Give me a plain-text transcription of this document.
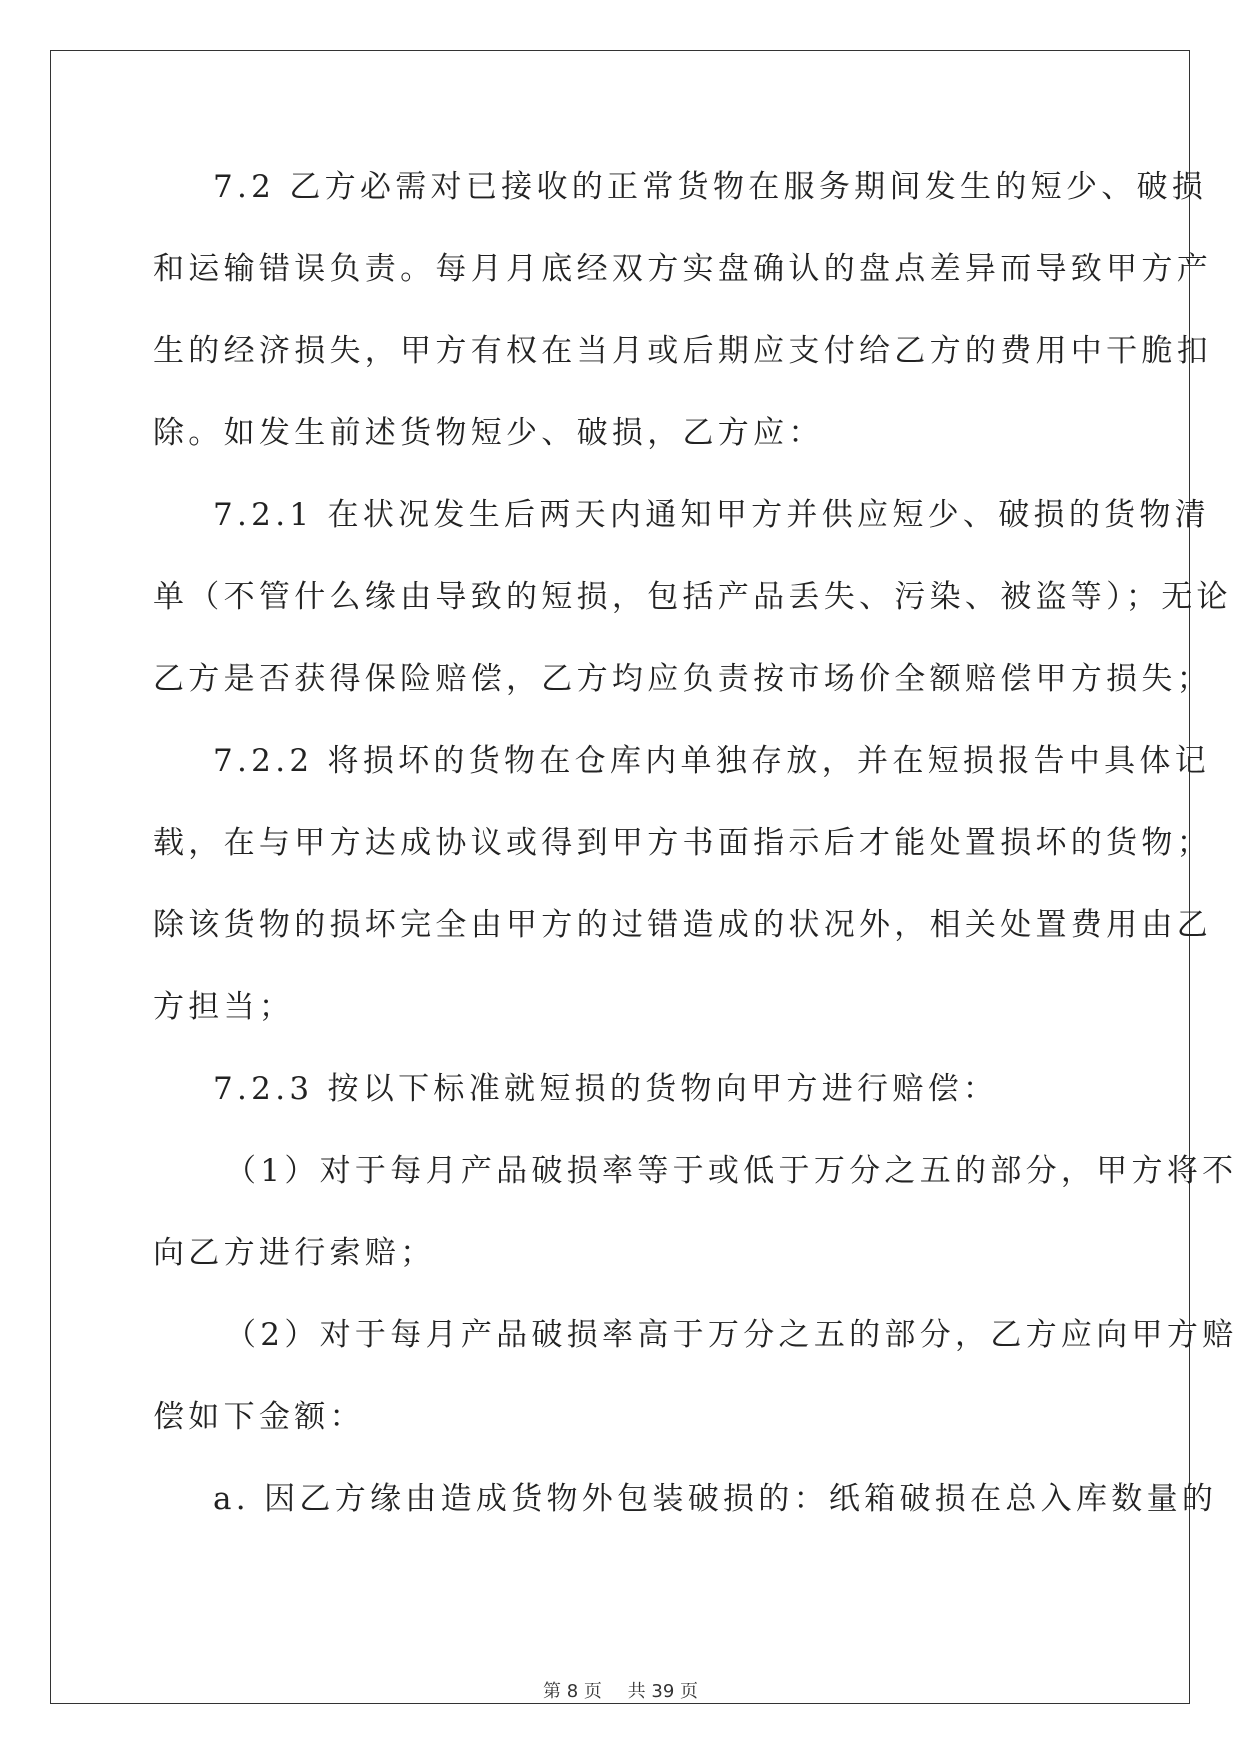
7.2 乙方必需对已接收的正常货物在服务期间发生的短少、破损
和运输错误负责。每月月底经双方实盘确认的盘点差异而导致甲方产
生的经济损失，甲方有权在当月或后期应支付给乙方的费用中干脆扣
除。如发生前述货物短少、破损，乙方应：
7.2.1 在状况发生后两天内通知甲方并供应短少、破损的货物清
单（不管什么缘由导致的短损，包括产品丢失、污染、被盗等）；无论
乙方是否获得保险赔偿，乙方均应负责按市场价全额赔偿甲方损失；
7.2.2 将损坏的货物在仓库内单独存放，并在短损报告中具体记
载，在与甲方达成协议或得到甲方书面指示后才能处置损坏的货物；
除该货物的损坏完全由甲方的过错造成的状况外，相关处置费用由乙
方担当；
7.2.3 按以下标准就短损的货物向甲方进行赔偿：
（1）对于每月产品破损率等于或低于万分之五的部分，甲方将不
向乙方进行索赔；
（2）对于每月产品破损率高于万分之五的部分，乙方应向甲方赔
偿如下金额：
a. 因乙方缘由造成货物外包装破损的：纸箱破损在总入库数量的
第 8 页 共 39 页
